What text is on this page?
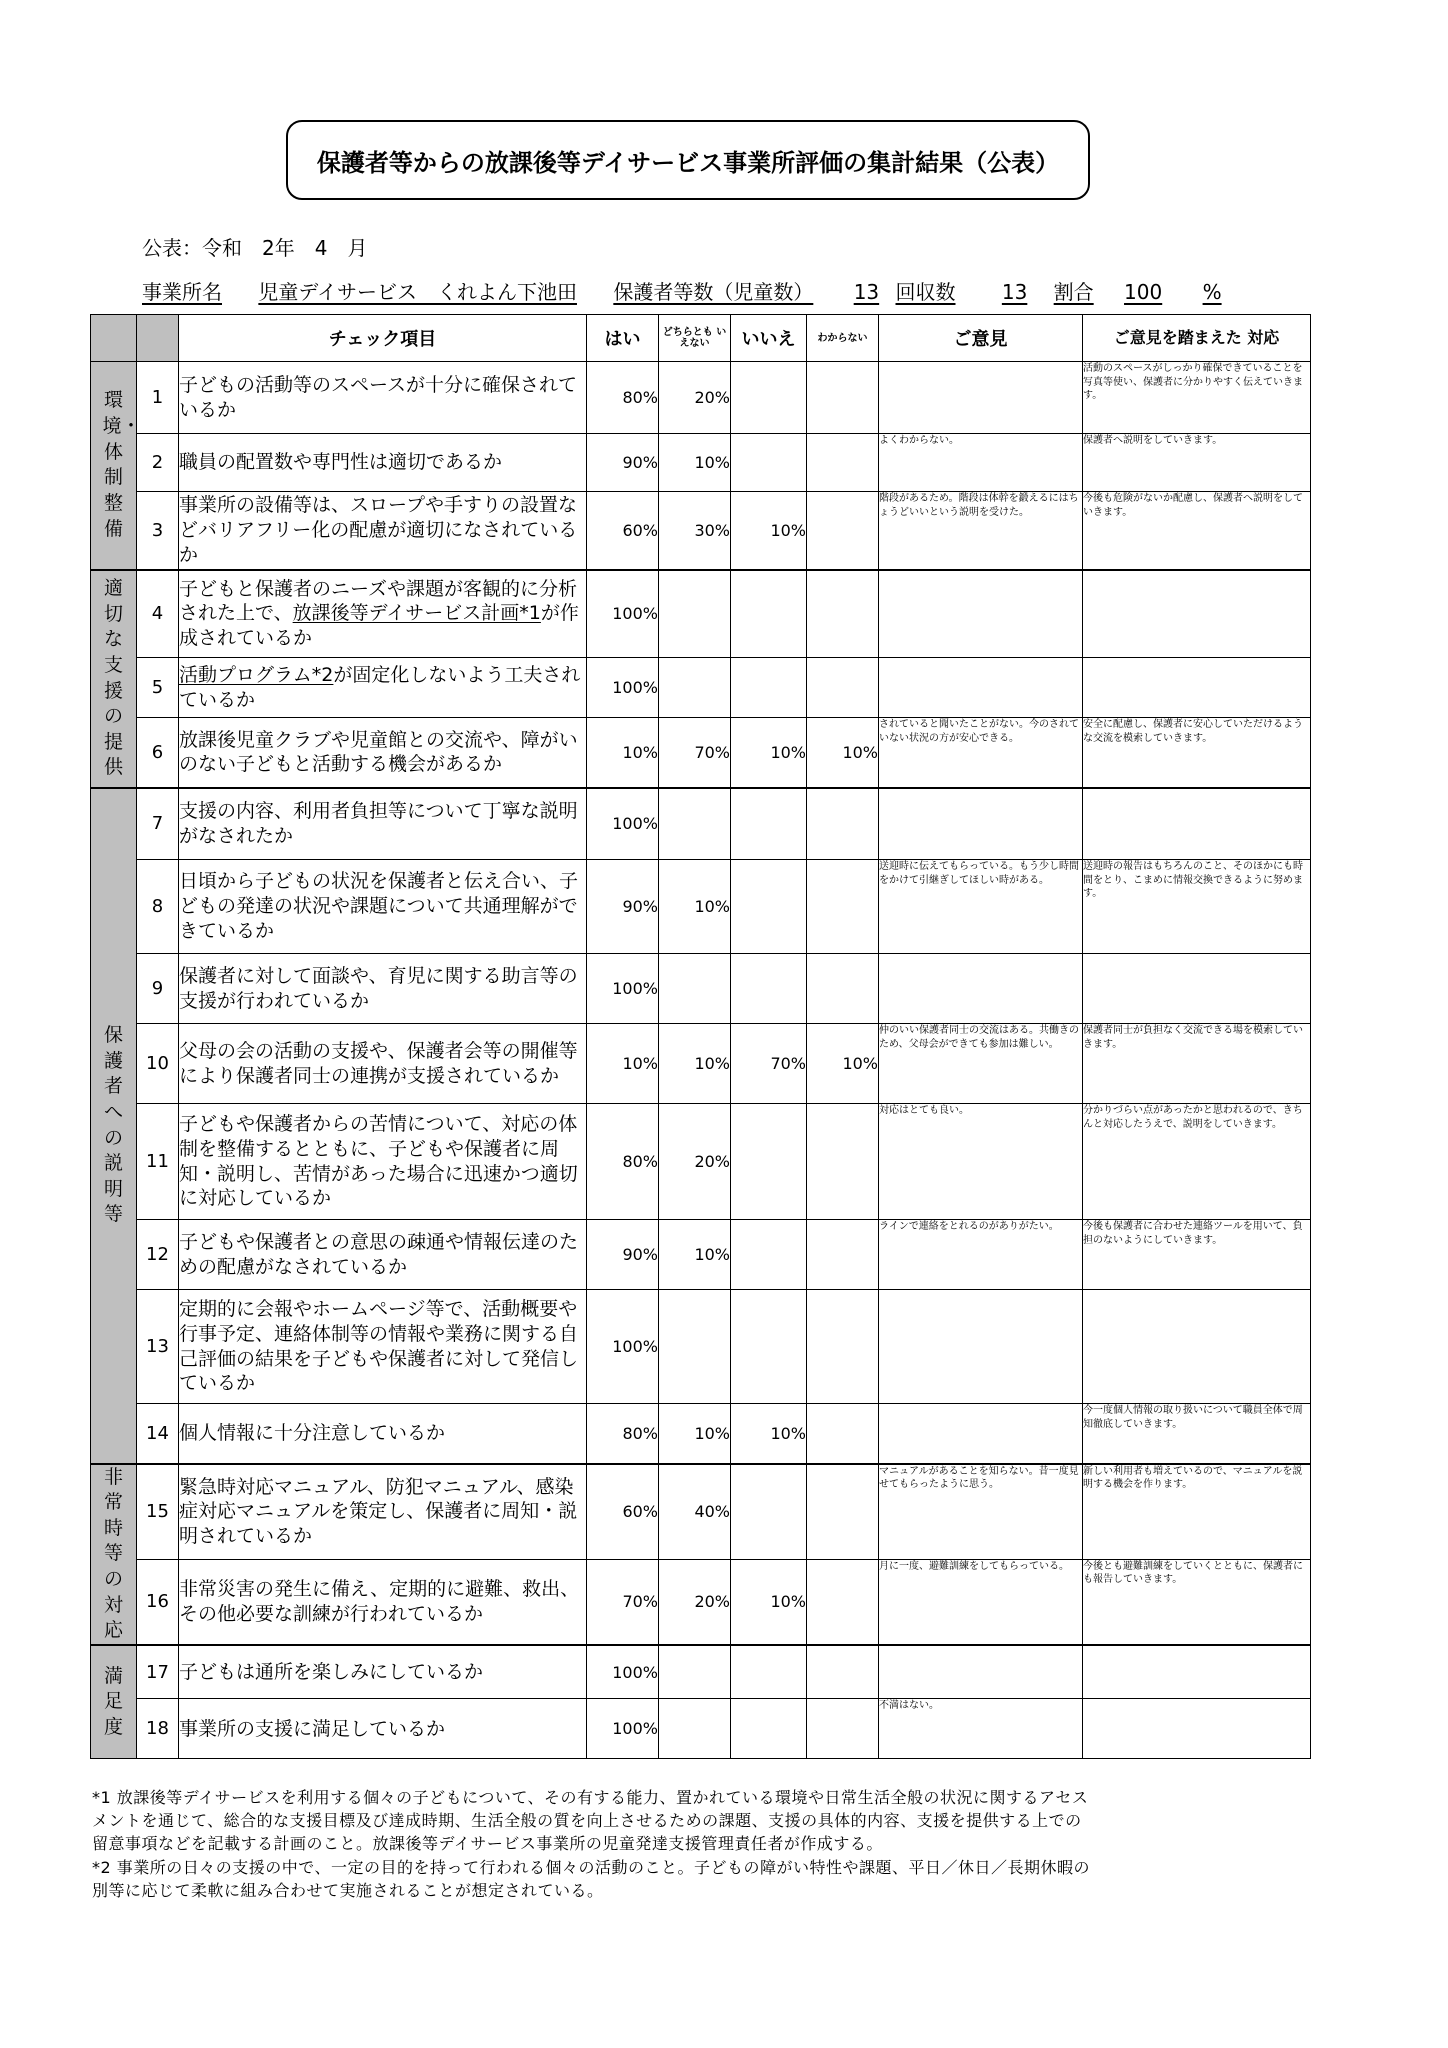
保護者等からの放課後等デイサービス事業所評価の集計結果（公表）
公表：令和　2年　4　月
事業所名 児童デイサービス　くれよん下池田 保護者等数（児童数） 13 回収数 13 割合 100 %
		チェック項目	はい	どちらとも いえない	いいえ	わからない	ご意見	ご意見を踏まえた 対応

環境・体制整備	1	子どもの活動等のスペースが十分に確保されているか	80%	20%				活動のスペースがしっかり確保できていることを写真等使い、保護者に分かりやすく伝えていきます。
	2	職員の配置数や専門性は適切であるか	90%	10%			よくわからない。	保護者へ説明をしていきます。
	3	事業所の設備等は、スロープや手すりの設置などバリアフリー化の配慮が適切になされているか	60%	30%	10%		階段があるため。階段は体幹を鍛えるにはちょうどいいという説明を受けた。	今後も危険がないか配慮し、保護者へ説明をしていきます。

適切な支援の提供	4	子どもと保護者のニーズや課題が客観的に分析された上で、放課後等デイサービス計画*1が作成されているか	100%					
	5	活動プログラム*2が固定化しないよう工夫されているか	100%					
	6	放課後児童クラブや児童館との交流や、障がいのない子どもと活動する機会があるか	10%	70%	10%	10%	されていると聞いたことがない。今のされていない状況の方が安心できる。	安全に配慮し、保護者に安心していただけるような交流を模索していきます。

保護者への説明等	7	支援の内容、利用者負担等について丁寧な説明がなされたか	100%					
	8	日頃から子どもの状況を保護者と伝え合い、子どもの発達の状況や課題について共通理解ができているか	90%	10%			送迎時に伝えてもらっている。もう少し時間をかけて引継ぎしてほしい時がある。	送迎時の報告はもちろんのこと、そのほかにも時間をとり、こまめに情報交換できるように努めます。
	9	保護者に対して面談や、育児に関する助言等の支援が行われているか	100%					
	10	父母の会の活動の支援や、保護者会等の開催等により保護者同士の連携が支援されているか	10%	10%	70%	10%	仲のいい保護者同士の交流はある。共働きのため、父母会ができても参加は難しい。	保護者同士が負担なく交流できる場を模索していきます。
	11	子どもや保護者からの苦情について、対応の体制を整備するとともに、子どもや保護者に周知・説明し、苦情があった場合に迅速かつ適切に対応しているか	80%	20%			対応はとても良い。	分かりづらい点があったかと思われるので、きちんと対応したうえで、説明をしていきます。
	12	子どもや保護者との意思の疎通や情報伝達のための配慮がなされているか	90%	10%			ラインで連絡をとれるのがありがたい。	今後も保護者に合わせた連絡ツールを用いて、負担のないようにしていきます。
	13	定期的に会報やホームページ等で、活動概要や行事予定、連絡体制等の情報や業務に関する自己評価の結果を子どもや保護者に対して発信しているか	100%					
	14	個人情報に十分注意しているか	80%	10%	10%			今一度個人情報の取り扱いについて職員全体で周知徹底していきます。

非常時等の対応	15	緊急時対応マニュアル、防犯マニュアル、感染症対応マニュアルを策定し、保護者に周知・説明されているか	60%	40%			マニュアルがあることを知らない。昔一度見せてもらったように思う。	新しい利用者も増えているので、マニュアルを説明する機会を作ります。
	16	非常災害の発生に備え、定期的に避難、救出、その他必要な訓練が行われているか	70%	20%	10%		月に一度、避難訓練をしてもらっている。	今後とも避難訓練をしていくとともに、保護者にも報告していきます。

満足度	17	子どもは通所を楽しみにしているか	100%					
	18	事業所の支援に満足しているか	100%				不満はない。	
*1 放課後等デイサービスを利用する個々の子どもについて、その有する能力、置かれている環境や日常生活全般の状況に関するアセスメントを通じて、総合的な支援目標及び達成時期、生活全般の質を向上させるための課題、支援の具体的内容、支援を提供する上での留意事項などを記載する計画のこと。放課後等デイサービス事業所の児童発達支援管理責任者が作成する。
*2 事業所の日々の支援の中で、一定の目的を持って行われる個々の活動のこと。子どもの障がい特性や課題、平日／休日／長期休暇の別等に応じて柔軟に組み合わせて実施されることが想定されている。
